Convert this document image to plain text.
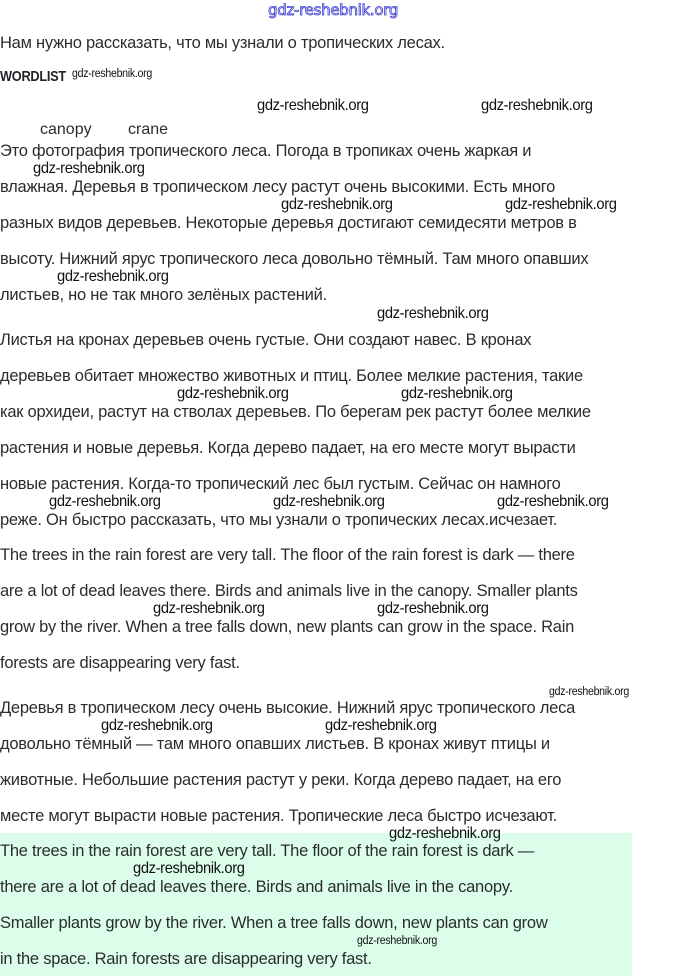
gdz-reshebnik.org
Нам нужно рассказать, что мы узнали о тропических лесах.
WORDLIST
canopy crane
Это фотография тропического леса. Погода в тропиках очень жаркая и
влажная. Деревья в тропическом лесу растут очень высокими. Есть много
разных видов деревьев. Некоторые деревья достигают семидесяти метров в
высоту. Нижний ярус тропического леса довольно тёмный. Там много опавших
листьев, но не так много зелёных растений.
Листья на кронах деревьев очень густые. Они создают навес. В кронах
деревьев обитает множество животных и птиц. Более мелкие растения, такие
как орхидеи, растут на стволах деревьев. По берегам рек растут более мелкие
растения и новые деревья. Когда дерево падает, на его месте могут вырасти
новые растения. Когда-то тропический лес был густым. Сейчас он намного
реже. Он быстро рассказать, что мы узнали о тропических лесах.исчезает.
The trees in the rain forest are very tall. The floor of the rain forest is dark — there
are a lot of dead leaves there. Birds and animals live in the canopy. Smaller plants
grow by the river. When a tree falls down, new plants can grow in the space. Rain
forests are disappearing very fast.
Деревья в тропическом лесу очень высокие. Нижний ярус тропического леса
довольно тёмный — там много опавших листьев. В кронах живут птицы и
животные. Небольшие растения растут у реки. Когда дерево падает, на его
месте могут вырасти новые растения. Тропические леса быстро исчезают.
The trees in the rain forest are very tall. The floor of the rain forest is dark —
there are a lot of dead leaves there. Birds and animals live in the canopy.
Smaller plants grow by the river. When a tree falls down, new plants can grow
in the space. Rain forests are disappearing very fast.
gdz-reshebnik.org
gdz-reshebnik.org	gdz-reshebnik.org
gdz-reshebnik.org
gdz-reshebnik.org	gdz-reshebnik.org
gdz-reshebnik.org
gdz-reshebnik.org
gdz-reshebnik.org	gdz-reshebnik.org
gdz-reshebnik.org	gdz-reshebnik.org	gdz-reshebnik.org
gdz-reshebnik.org	gdz-reshebnik.org
gdz-reshebnik.org
gdz-reshebnik.org	gdz-reshebnik.org
gdz-reshebnik.org
gdz-reshebnik.org
gdz-reshebnik.org
